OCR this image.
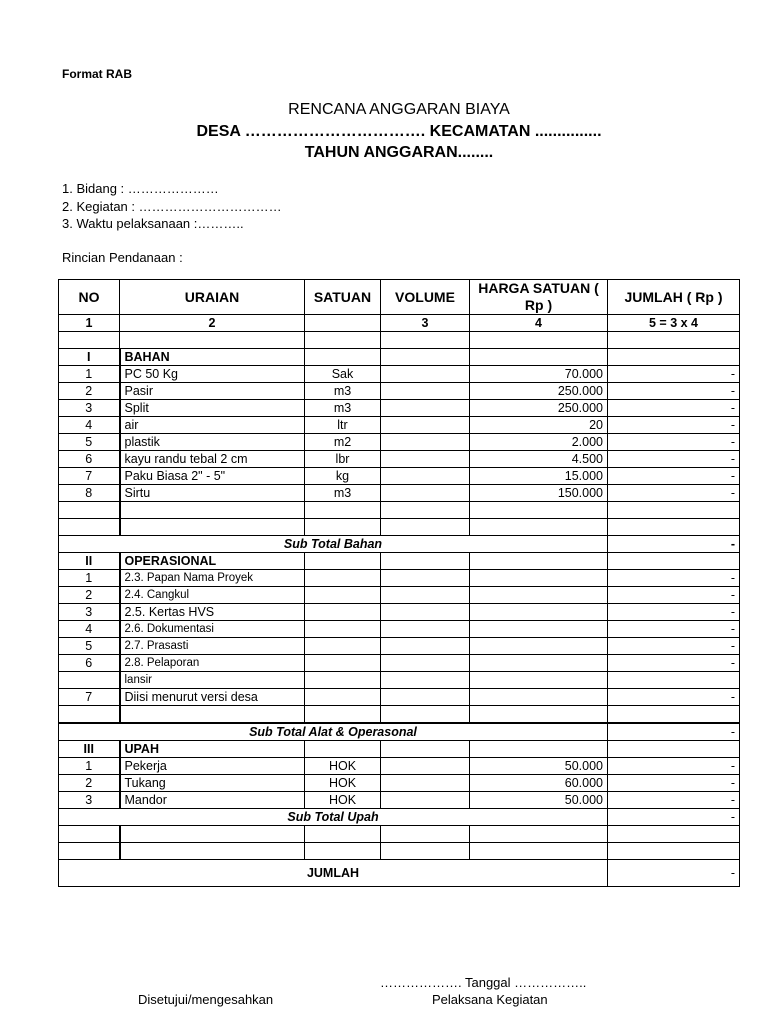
Format RAB
RENCANA ANGGARAN BIAYA
DESA ……………………………. KECAMATAN ...............
TAHUN ANGGARAN........
1. Bidang : …………………
2. Kegiatan : ……………………………
3. Waktu pelaksanaan :………..
Rincian Pendanaan :
NO	URAIAN	SATUAN	VOLUME	HARGA SATUAN ( Rp )	JUMLAH ( Rp )
1	2		3	4	5 = 3 x 4

I	BAHAN				
1	PC 50 Kg	Sak		70.000	-
2	Pasir	m3		250.000	-
3	Split	m3		250.000	-
4	air	ltr		20	-
5	plastik	m2		2.000	-
6	kayu randu tebal 2 cm	lbr		4.500	-
7	Paku Biasa 2" - 5"	kg		15.000	-
8	Sirtu	m3		150.000	-

Sub Total Bahan					-
II	OPERASIONAL				
1	2.3. Papan Nama Proyek				-
2	2.4. Cangkul				-
3	2.5. Kertas HVS				-
4	2.6. Dokumentasi				-
5	2.7. Prasasti				-
6	2.8. Pelaporan				-
	lansir				
7	Diisi menurut versi desa				-

Sub Total Alat & Operasonal					-
III	UPAH				
1	Pekerja	HOK		50.000	-
2	Tukang	HOK		60.000	-
3	Mandor	HOK		50.000	-
Sub Total Upah					-

JUMLAH					-
………………. Tanggal ……………..
Disetujui/mengesahkan	Pelaksana Kegiatan
